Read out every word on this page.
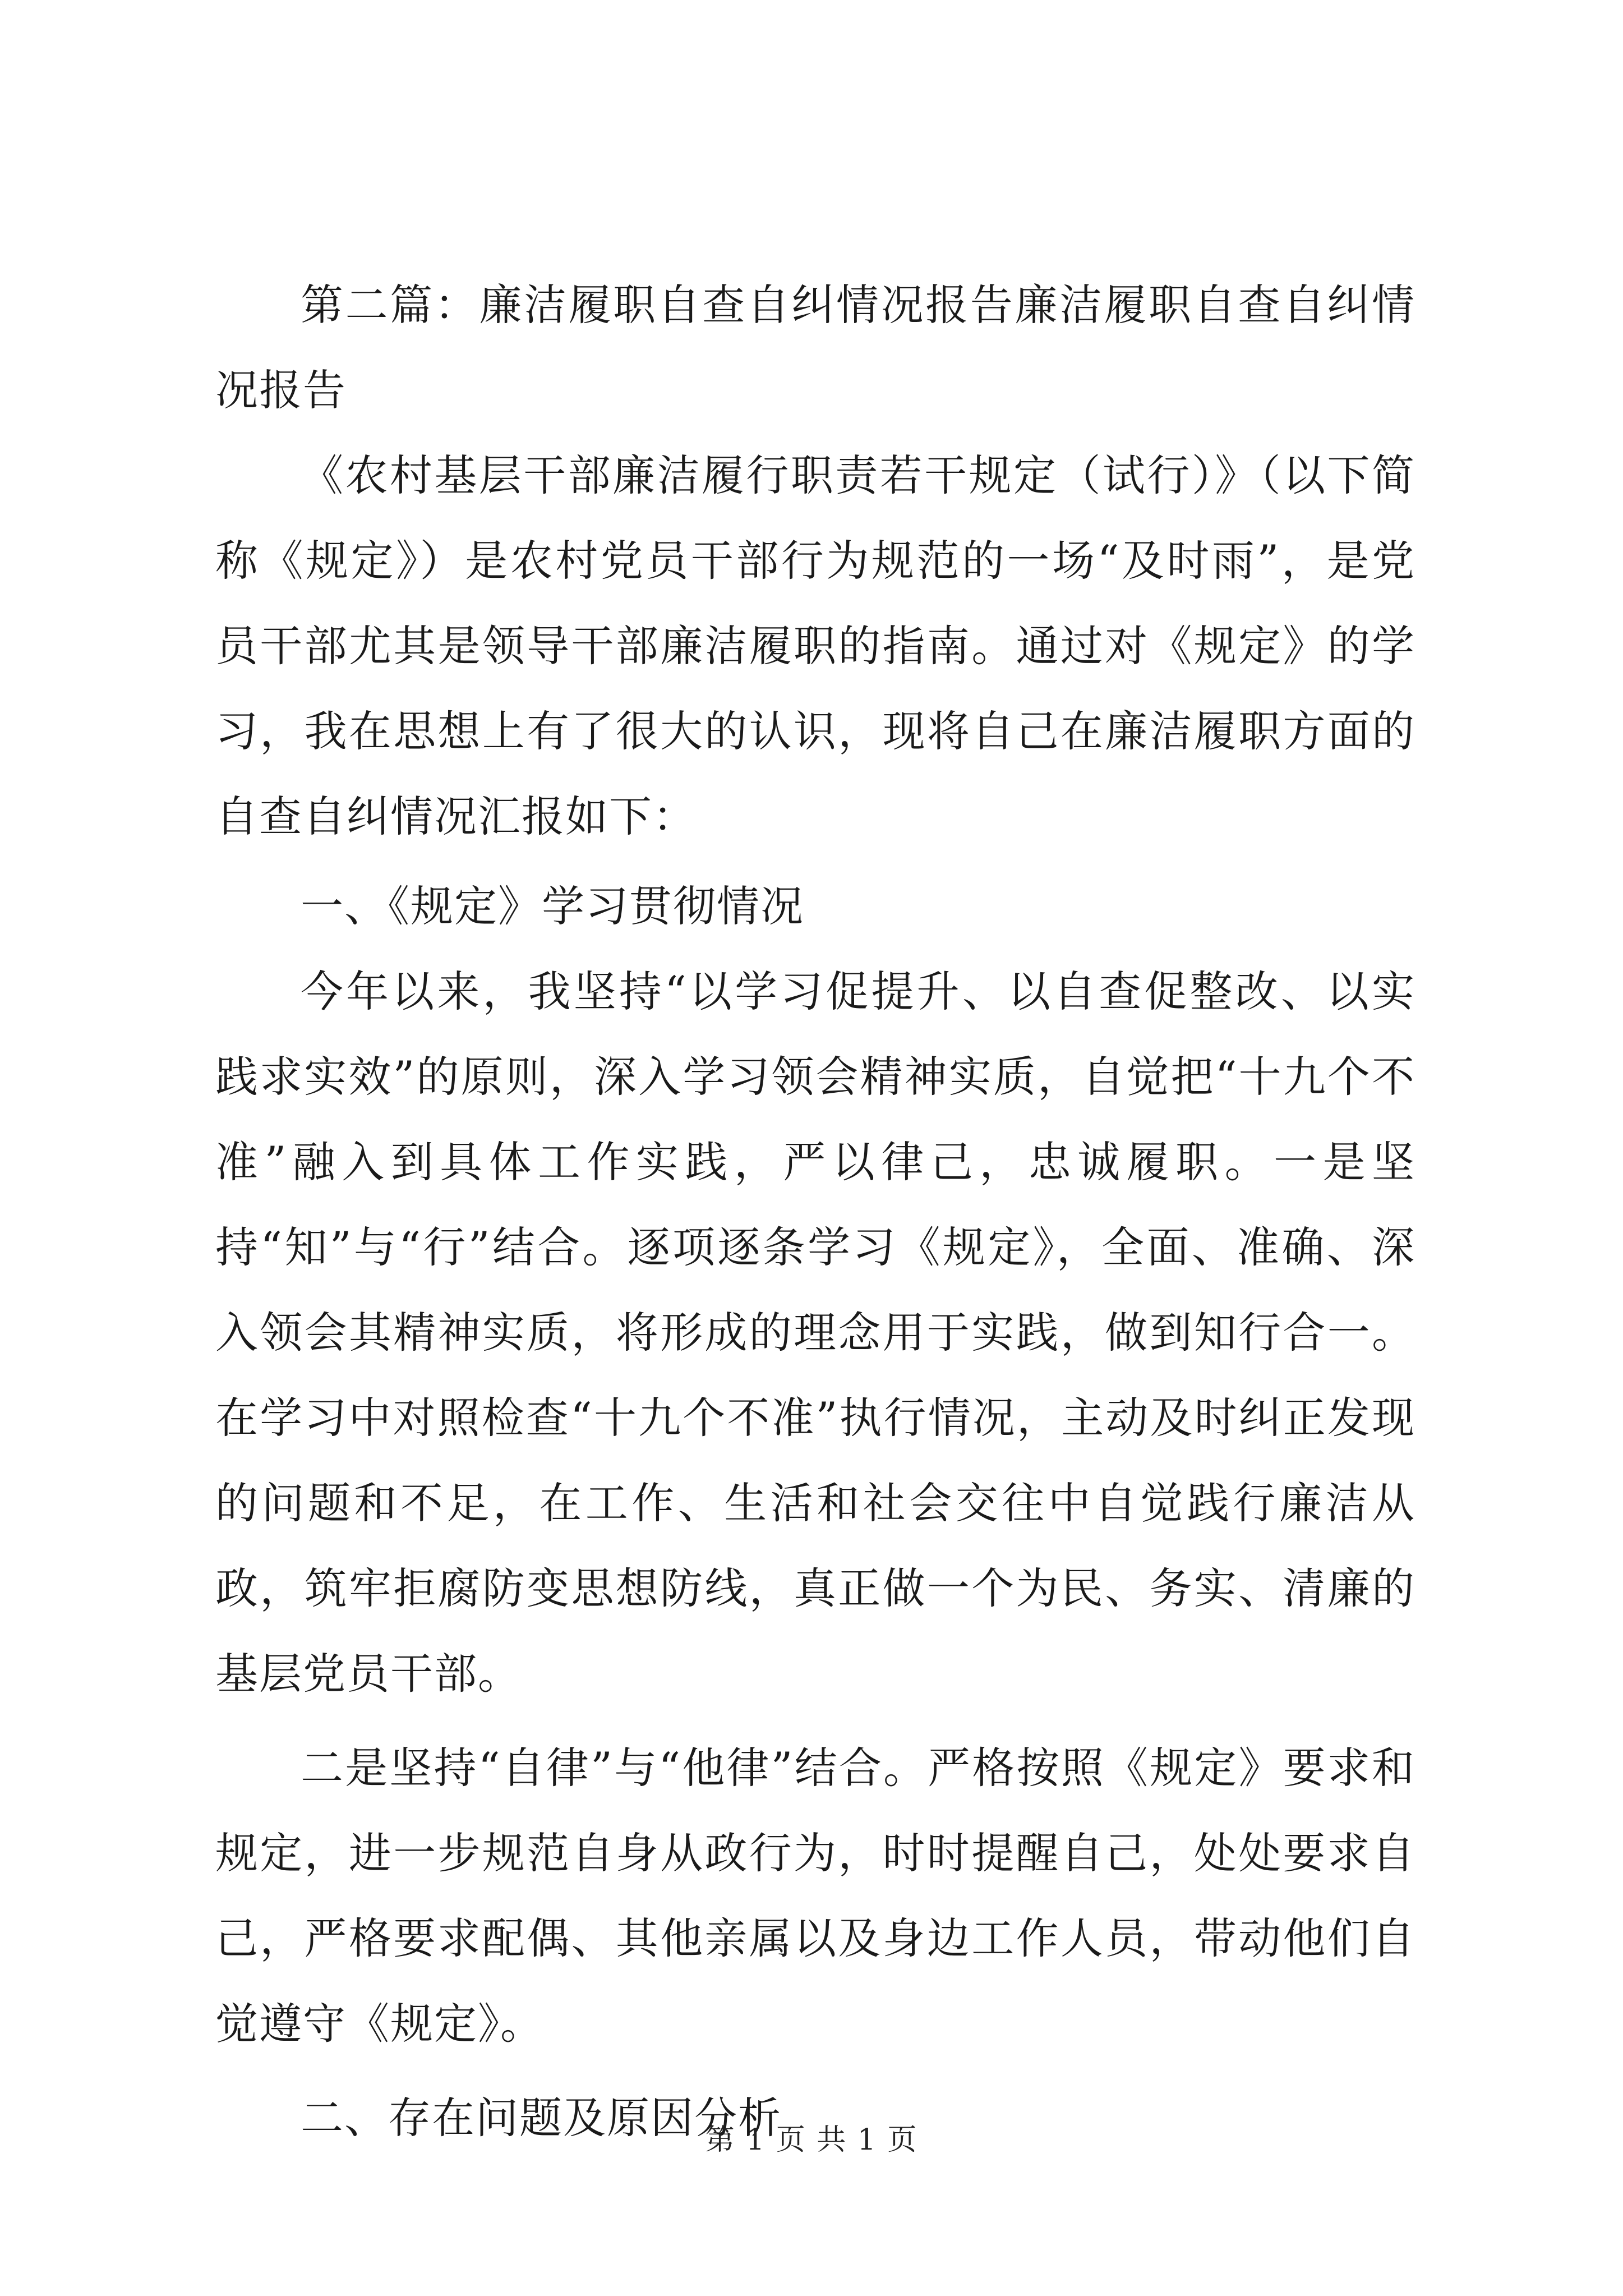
第二篇：廉洁履职自查自纠情况报告廉洁履职自查自纠情况报告

《农村基层干部廉洁履行职责若干规定（试行）》（以下简称《规定》）是农村党员干部行为规范的一场“及时雨”，是党员干部尤其是领导干部廉洁履职的指南。通过对《规定》的学习，我在思想上有了很大的认识，现将自己在廉洁履职方面的自查自纠情况汇报如下：

一、《规定》学习贯彻情况

今年以来，我坚持“以学习促提升、以自查促整改、以实践求实效”的原则，深入学习领会精神实质，自觉把“十九个不准”融入到具体工作实践，严以律己，忠诚履职。一是坚持“知”与“行”结合。逐项逐条学习《规定》，全面、准确、深入领会其精神实质，将形成的理念用于实践，做到知行合一。在学习中对照检查“十九个不准”执行情况，主动及时纠正发现的问题和不足，在工作、生活和社会交往中自觉践行廉洁从政，筑牢拒腐防变思想防线，真正做一个为民、务实、清廉的基层党员干部。

二是坚持“自律”与“他律”结合。严格按照《规定》要求和规定，进一步规范自身从政行为，时时提醒自己，处处要求自己，严格要求配偶、其他亲属以及身边工作人员，带动他们自觉遵守《规定》。

二、存在问题及原因分析

第 1 页 共 1 页
